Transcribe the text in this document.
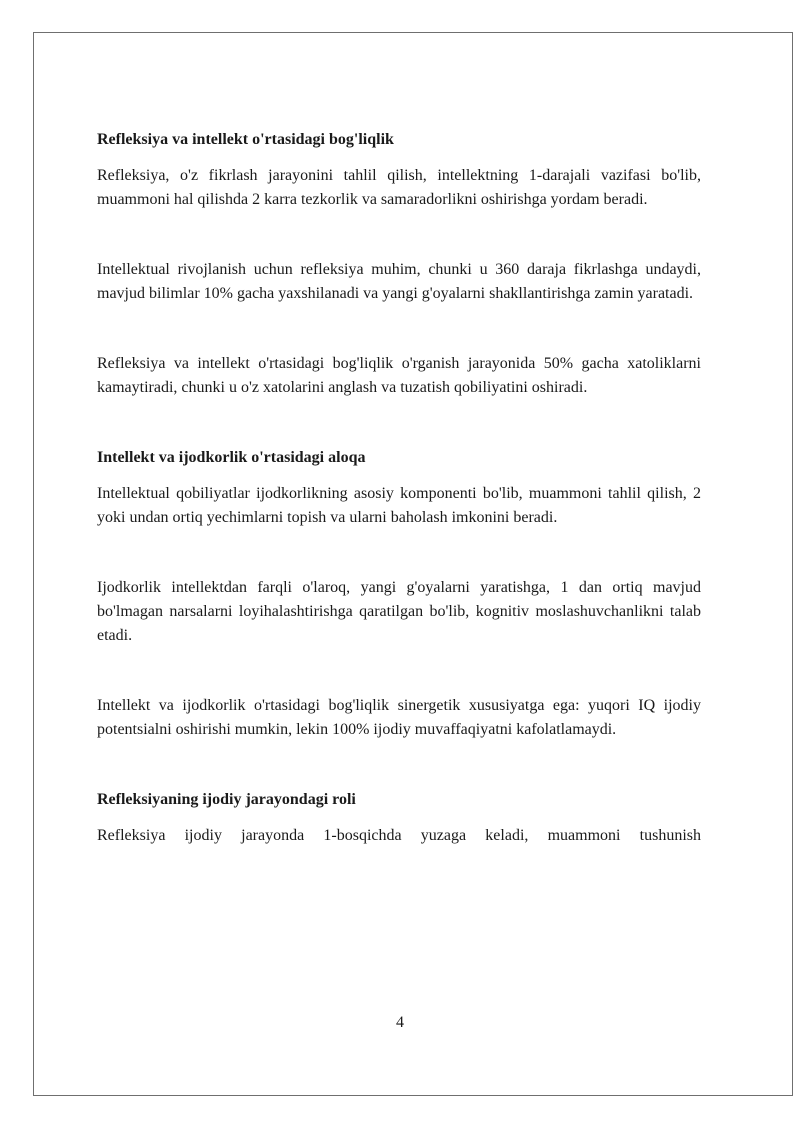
Refleksiya va intellekt o'rtasidagi bog'liqlik

Refleksiya, o'z fikrlash jarayonini tahlil qilish, intellektning 1-darajali vazifasi bo'lib, muammoni hal qilishda 2 karra tezkorlik va samaradorlikni oshirishga yordam beradi.

Intellektual rivojlanish uchun refleksiya muhim, chunki u 360 daraja fikrlashga undaydi, mavjud bilimlar 10% gacha yaxshilanadi va yangi g'oyalarni shakllantirishga zamin yaratadi.

Refleksiya va intellekt o'rtasidagi bog'liqlik o'rganish jarayonida 50% gacha xatoliklarni kamaytiradi, chunki u o'z xatolarini anglash va tuzatish qobiliyatini oshiradi.

Intellekt va ijodkorlik o'rtasidagi aloqa

Intellektual qobiliyatlar ijodkorlikning asosiy komponenti bo'lib, muammoni tahlil qilish, 2 yoki undan ortiq yechimlarni topish va ularni baholash imkonini beradi.

Ijodkorlik intellektdan farqli o'laroq, yangi g'oyalarni yaratishga, 1 dan ortiq mavjud bo'lmagan narsalarni loyihalashtirishga qaratilgan bo'lib, kognitiv moslashuvchanlikni talab etadi.

Intellekt va ijodkorlik o'rtasidagi bog'liqlik sinergetik xususiyatga ega: yuqori IQ ijodiy potentsialni oshirishi mumkin, lekin 100% ijodiy muvaffaqiyatni kafolatlamaydi.

Refleksiyaning ijodiy jarayondagi roli

Refleksiya ijodiy jarayonda 1-bosqichda yuzaga keladi, muammoni tushunish

4
